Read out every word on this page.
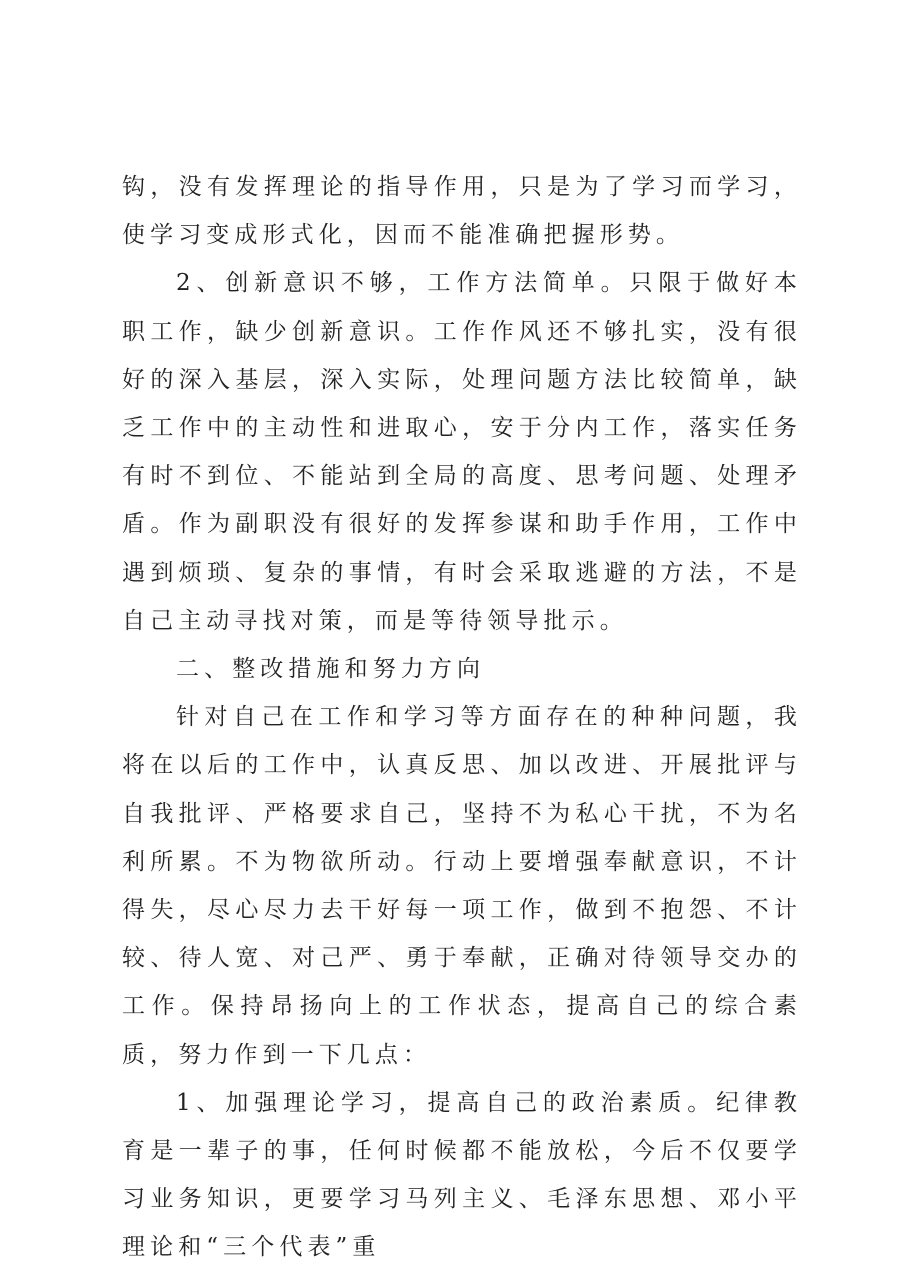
钩，没有发挥理论的指导作用，只是为了学习而学习，使学习变成形式化，因而不能准确把握形势。

2、创新意识不够，工作方法简单。只限于做好本职工作，缺少创新意识。工作作风还不够扎实，没有很好的深入基层，深入实际，处理问题方法比较简单，缺乏工作中的主动性和进取心，安于分内工作，落实任务有时不到位、不能站到全局的高度、思考问题、处理矛盾。作为副职没有很好的发挥参谋和助手作用，工作中遇到烦琐、复杂的事情，有时会采取逃避的方法，不是自己主动寻找对策，而是等待领导批示。

二、整改措施和努力方向

针对自己在工作和学习等方面存在的种种问题，我将在以后的工作中，认真反思、加以改进、开展批评与自我批评、严格要求自己，坚持不为私心干扰，不为名利所累。不为物欲所动。行动上要增强奉献意识，不计得失，尽心尽力去干好每一项工作，做到不抱怨、不计较、待人宽、对己严、勇于奉献，正确对待领导交办的工作。保持昂扬向上的工作状态，提高自己的综合素质，努力作到一下几点：

1、加强理论学习，提高自己的政治素质。纪律教育是一辈子的事，任何时候都不能放松，今后不仅要学习业务知识，更要学习马列主义、毛泽东思想、邓小平理论和“三个代表”重
